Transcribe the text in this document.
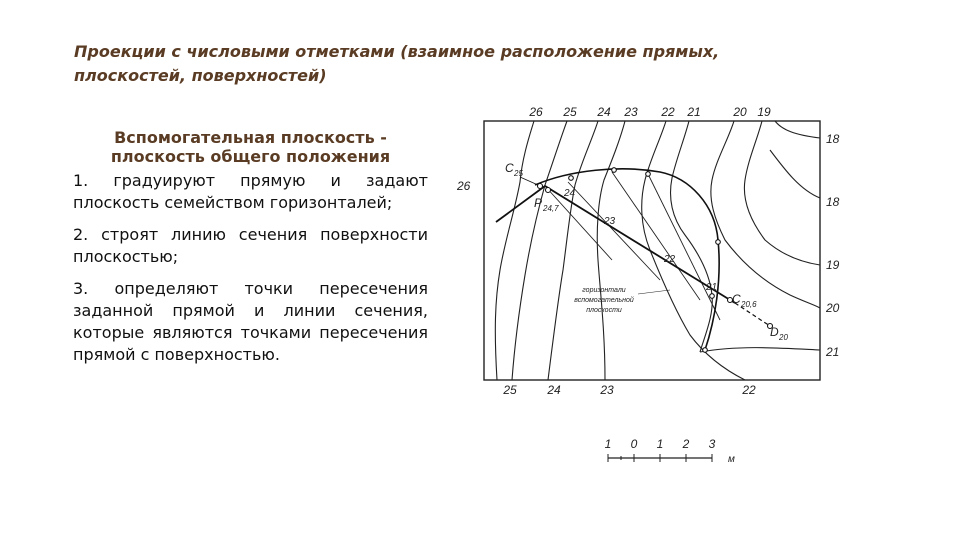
Проекции с числовыми отметками (взаимное расположение прямых,
плоскостей, поверхностей)
Вспомогательная плоскость -
плоскость общего положения

1. градуируют прямую и задают плоскость семейством горизонталей;

2. строят линию сечения поверхности плоскостью;

3. определяют точки пересечения заданной прямой и линии сечения, которые являются точками пересечения прямой с поверхностью.

26 25 24 23 22 21	20 19
18
18
19
20
21
25	24	23	22
26
C 25
P 24,7
C 20,6
D 20
24
23
22
21
горизонтали
вспомогательной
плоскости
1 0 1 2 3
м
